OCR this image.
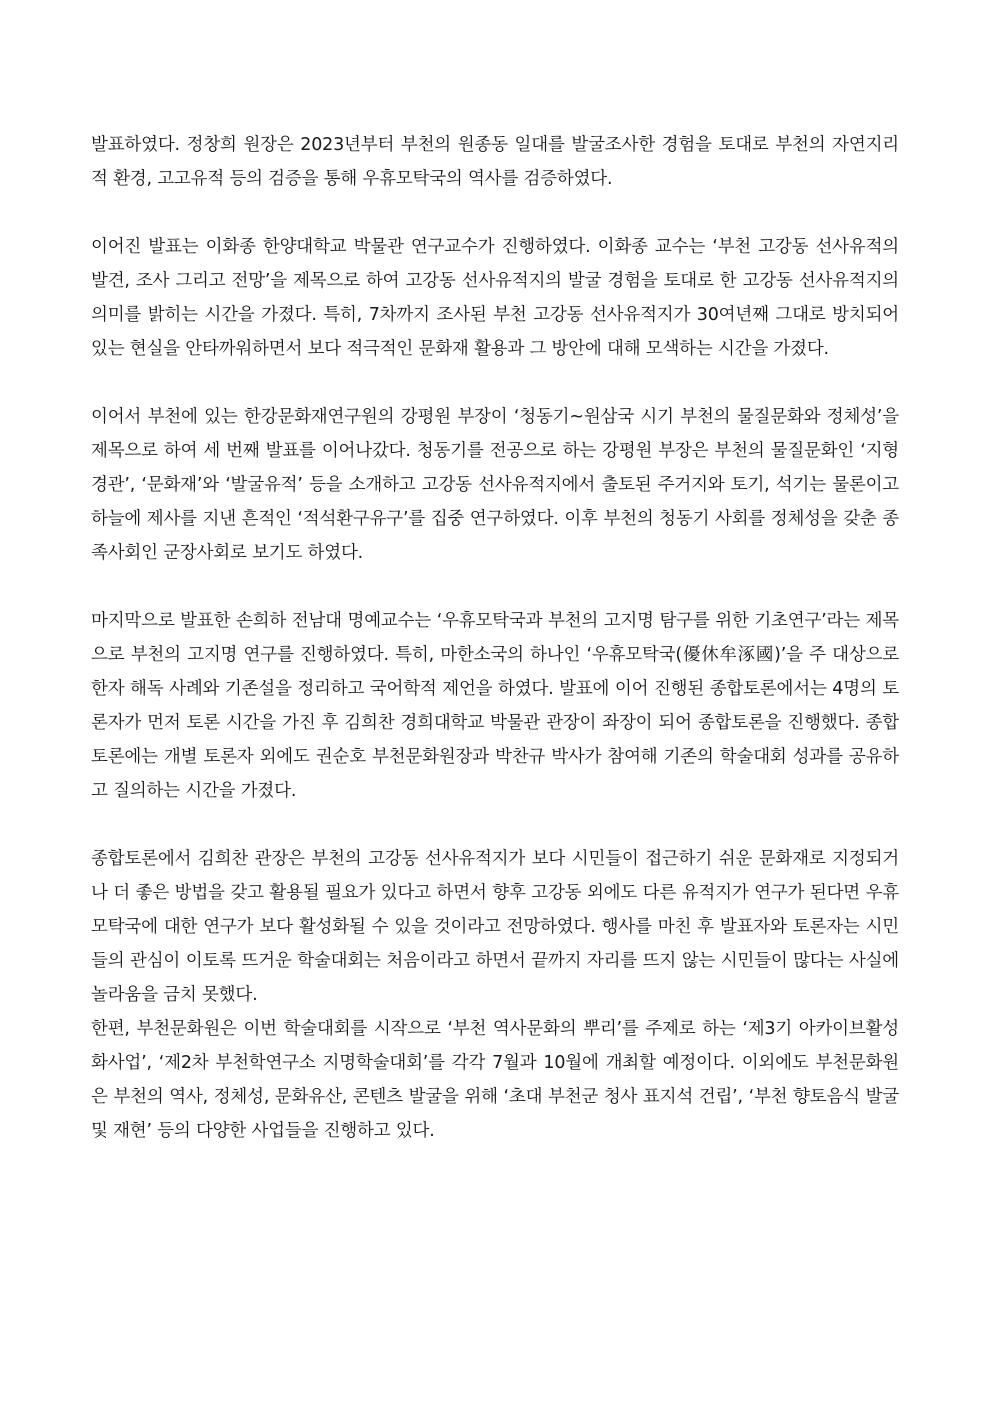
발표하였다. 정창희 원장은 2023년부터 부천의 원종동 일대를 발굴조사한 경험을 토대로 부천의 자연지리적 환경, 고고유적 등의 검증을 통해 우휴모탁국의 역사를 검증하였다.

이어진 발표는 이화종 한양대학교 박물관 연구교수가 진행하였다. 이화종 교수는 ‘부천 고강동 선사유적의 발견, 조사 그리고 전망’을 제목으로 하여 고강동 선사유적지의 발굴 경험을 토대로 한 고강동 선사유적지의 의미를 밝히는 시간을 가졌다. 특히, 7차까지 조사된 부천 고강동 선사유적지가 30여년째 그대로 방치되어 있는 현실을 안타까워하면서 보다 적극적인 문화재 활용과 그 방안에 대해 모색하는 시간을 가졌다.

이어서 부천에 있는 한강문화재연구원의 강평원 부장이 ‘청동기~원삼국 시기 부천의 물질문화와 정체성’을 제목으로 하여 세 번째 발표를 이어나갔다. 청동기를 전공으로 하는 강평원 부장은 부천의 물질문화인 ‘지형 경관’, ‘문화재’와 ‘발굴유적’ 등을 소개하고 고강동 선사유적지에서 출토된 주거지와 토기, 석기는 물론이고 하늘에 제사를 지낸 흔적인 ‘적석환구유구’를 집중 연구하였다. 이후 부천의 청동기 사회를 정체성을 갖춘 종족사회인 군장사회로 보기도 하였다.

마지막으로 발표한 손희하 전남대 명예교수는 ‘우휴모탁국과 부천의 고지명 탐구를 위한 기초연구’라는 제목으로 부천의 고지명 연구를 진행하였다. 특히, 마한소국의 하나인 ‘우휴모탁국(優休牟涿國)’을 주 대상으로 한자 해독 사례와 기존설을 정리하고 국어학적 제언을 하였다. 발표에 이어 진행된 종합토론에서는 4명의 토론자가 먼저 토론 시간을 가진 후 김희찬 경희대학교 박물관 관장이 좌장이 되어 종합토론을 진행했다. 종합토론에는 개별 토론자 외에도 권순호 부천문화원장과 박찬규 박사가 참여해 기존의 학술대회 성과를 공유하고 질의하는 시간을 가졌다.

종합토론에서 김희찬 관장은 부천의 고강동 선사유적지가 보다 시민들이 접근하기 쉬운 문화재로 지정되거나 더 좋은 방법을 갖고 활용될 필요가 있다고 하면서 향후 고강동 외에도 다른 유적지가 연구가 된다면 우휴모탁국에 대한 연구가 보다 활성화될 수 있을 것이라고 전망하였다. 행사를 마친 후 발표자와 토론자는 시민들의 관심이 이토록 뜨거운 학술대회는 처음이라고 하면서 끝까지 자리를 뜨지 않는 시민들이 많다는 사실에 놀라움을 금치 못했다.

한편, 부천문화원은 이번 학술대회를 시작으로 ‘부천 역사문화의 뿌리’를 주제로 하는 ‘제3기 아카이브활성화사업’, ‘제2차 부천학연구소 지명학술대회’를 각각 7월과 10월에 개최할 예정이다. 이외에도 부천문화원은 부천의 역사, 정체성, 문화유산, 콘텐츠 발굴을 위해 ‘초대 부천군 청사 표지석 건립’, ‘부천 향토음식 발굴 및 재현’ 등의 다양한 사업들을 진행하고 있다.
